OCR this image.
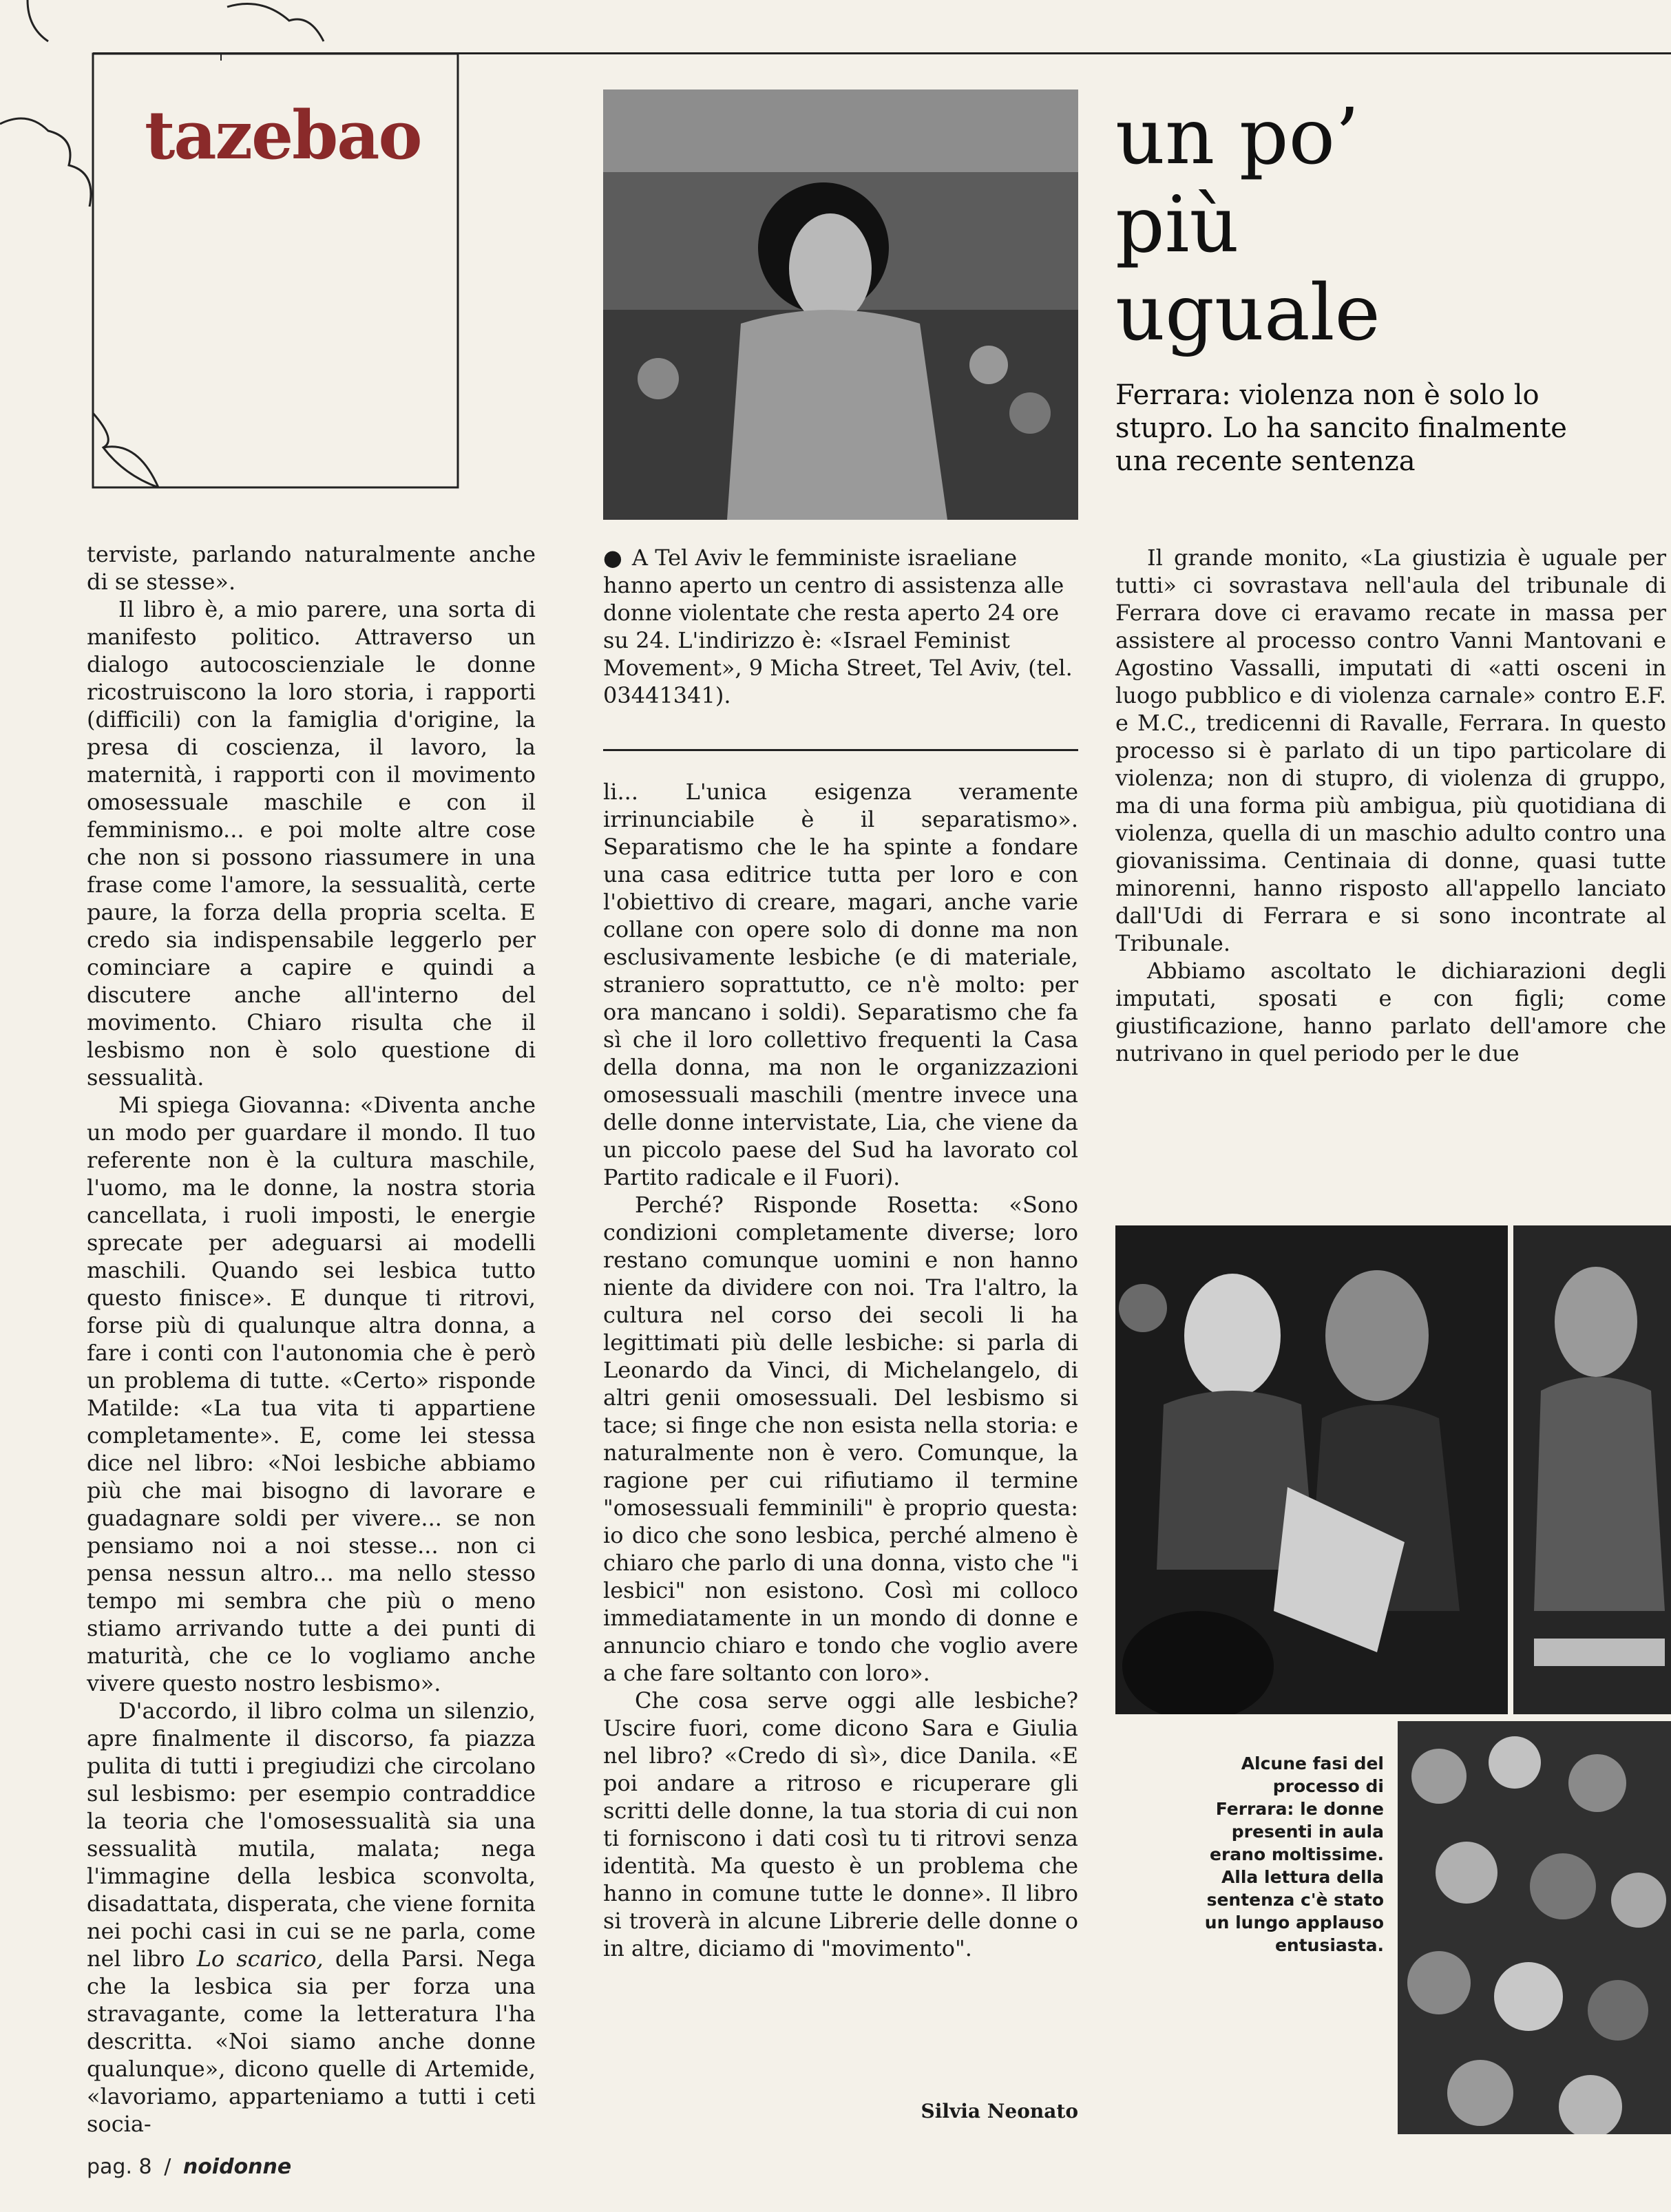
tazebao	un po’
più
uguale
Ferrara: violenza non è solo lo stupro. Lo ha sancito finalmente una recente sentenza

terviste, parlando naturalmente anche di se stesse».

Il libro è, a mio parere, una sorta di manifesto politico. Attraverso un dialogo autocoscienziale le donne ricostruiscono la loro storia, i rapporti (difficili) con la famiglia d'origine, la presa di coscienza, il lavoro, la maternità, i rapporti con il movimento omosessuale maschile e con il femminismo... e poi molte altre cose che non si possono riassumere in una frase come l'amore, la sessualità, certe paure, la forza della propria scelta. E credo sia indispensabile leggerlo per cominciare a capire e quindi a discutere anche all'interno del movimento. Chiaro risulta che il lesbismo non è solo questione di sessualità.

Mi spiega Giovanna: «Diventa anche un modo per guardare il mondo. Il tuo referente non è la cultura maschile, l'uomo, ma le donne, la nostra storia cancellata, i ruoli imposti, le energie sprecate per adeguarsi ai modelli maschili. Quando sei lesbica tutto questo finisce». E dunque ti ritrovi, forse più di qualunque altra donna, a fare i conti con l'autonomia che è però un problema di tutte. «Certo» risponde Matilde: «La tua vita ti appartiene completamente». E, come lei stessa dice nel libro: «Noi lesbiche abbiamo più che mai bisogno di lavorare e guadagnare soldi per vivere... se non pensiamo noi a noi stesse... non ci pensa nessun altro... ma nello stesso tempo mi sembra che più o meno stiamo arrivando tutte a dei punti di maturità, che ce lo vogliamo anche vivere questo nostro lesbismo».

D'accordo, il libro colma un silenzio, apre finalmente il discorso, fa piazza pulita di tutti i pregiudizi che circolano sul lesbismo: per esempio contraddice la teoria che l'omosessualità sia una sessualità mutila, malata; nega l'immagine della lesbica sconvolta, disadattata, disperata, che viene fornita nei pochi casi in cui se ne parla, come nel libro Lo scarico, della Parsi. Nega che la lesbica sia per forza una stravagante, come la letteratura l'ha descritta. «Noi siamo anche donne qualunque», dicono quelle di Artemide, «lavoriamo, apparteniamo a tutti i ceti socia-

● A Tel Aviv le femministe israeliane hanno aperto un centro di assistenza alle donne violentate che resta aperto 24 ore su 24. L'indirizzo è: «Israel Feminist Movement», 9 Micha Street, Tel Aviv, (tel. 03441341).

li... L'unica esigenza veramente irrinunciabile è il separatismo». Separatismo che le ha spinte a fondare una casa editrice tutta per loro e con l'obiettivo di creare, magari, anche varie collane con opere solo di donne ma non esclusivamente lesbiche (e di materiale, straniero soprattutto, ce n'è molto: per ora mancano i soldi). Separatismo che fa sì che il loro collettivo frequenti la Casa della donna, ma non le organizzazioni omosessuali maschili (mentre invece una delle donne intervistate, Lia, che viene da un piccolo paese del Sud ha lavorato col Partito radicale e il Fuori).

Perché? Risponde Rosetta: «Sono condizioni completamente diverse; loro restano comunque uomini e non hanno niente da dividere con noi. Tra l'altro, la cultura nel corso dei secoli li ha legittimati più delle lesbiche: si parla di Leonardo da Vinci, di Michelangelo, di altri genii omosessuali. Del lesbismo si tace; si finge che non esista nella storia: e naturalmente non è vero. Comunque, la ragione per cui rifiutiamo il termine "omosessuali femminili" è proprio questa: io dico che sono lesbica, perché almeno è chiaro che parlo di una donna, visto che "i lesbici" non esistono. Così mi colloco immediatamente in un mondo di donne e annuncio chiaro e tondo che voglio avere a che fare soltanto con loro».

Che cosa serve oggi alle lesbiche? Uscire fuori, come dicono Sara e Giulia nel libro? «Credo di sì», dice Danila. «E poi andare a ritroso e ricuperare gli scritti delle donne, la tua storia di cui non ti forniscono i dati così tu ti ritrovi senza identità. Ma questo è un problema che hanno in comune tutte le donne». Il libro si troverà in alcune Librerie delle donne o in altre, diciamo di "movimento".

Silvia Neonato

Il grande monito, «La giustizia è uguale per tutti» ci sovrastava nell'aula del tribunale di Ferrara dove ci eravamo recate in massa per assistere al processo contro Vanni Mantovani e Agostino Vassalli, imputati di «atti osceni in luogo pubblico e di violenza carnale» contro E.F. e M.C., tredicenni di Ravalle, Ferrara. In questo processo si è parlato di un tipo particolare di violenza; non di stupro, di violenza di gruppo, ma di una forma più ambigua, più quotidiana di violenza, quella di un maschio adulto contro una giovanissima. Centinaia di donne, quasi tutte minorenni, hanno risposto all'appello lanciato dall'Udi di Ferrara e si sono incontrate al Tribunale.

Abbiamo ascoltato le dichiarazioni degli imputati, sposati e con figli; come giustificazione, hanno parlato dell'amore che nutrivano in quel periodo per le due

Alcune fasi del processo di Ferrara: le donne presenti in aula erano moltissime. Alla lettura della sentenza c'è stato un lungo applauso entusiasta.
pag. 8 / noidonne
